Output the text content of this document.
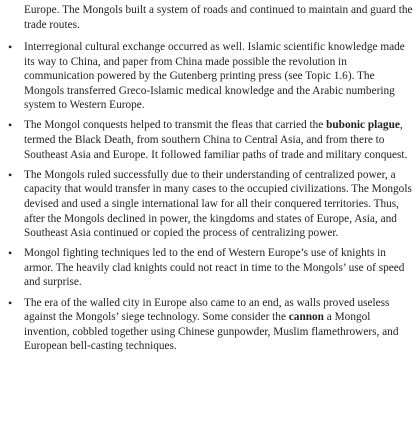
Europe. The Mongols built a system of roads and continued to maintain and guard the trade routes.

• Interregional cultural exchange occurred as well. Islamic scientific knowledge made its way to China, and paper from China made possible the revolution in communication powered by the Gutenberg printing press (see Topic 1.6). The Mongols transferred Greco-Islamic medical knowledge and the Arabic numbering system to Western Europe.
• The Mongol conquests helped to transmit the fleas that carried the bubonic plague, termed the Black Death, from southern China to Central Asia, and from there to Southeast Asia and Europe. It followed familiar paths of trade and military conquest.
• The Mongols ruled successfully due to their understanding of centralized power, a capacity that would transfer in many cases to the occupied civilizations. The Mongols devised and used a single international law for all their conquered territories. Thus, after the Mongols declined in power, the kingdoms and states of Europe, Asia, and Southeast Asia continued or copied the process of centralizing power.
• Mongol fighting techniques led to the end of Western Europe’s use of knights in armor. The heavily clad knights could not react in time to the Mongols’ use of speed and surprise.
• The era of the walled city in Europe also came to an end, as walls proved useless against the Mongols’ siege technology. Some consider the cannon a Mongol invention, cobbled together using Chinese gunpowder, Muslim flamethrowers, and European bell-casting techniques.
